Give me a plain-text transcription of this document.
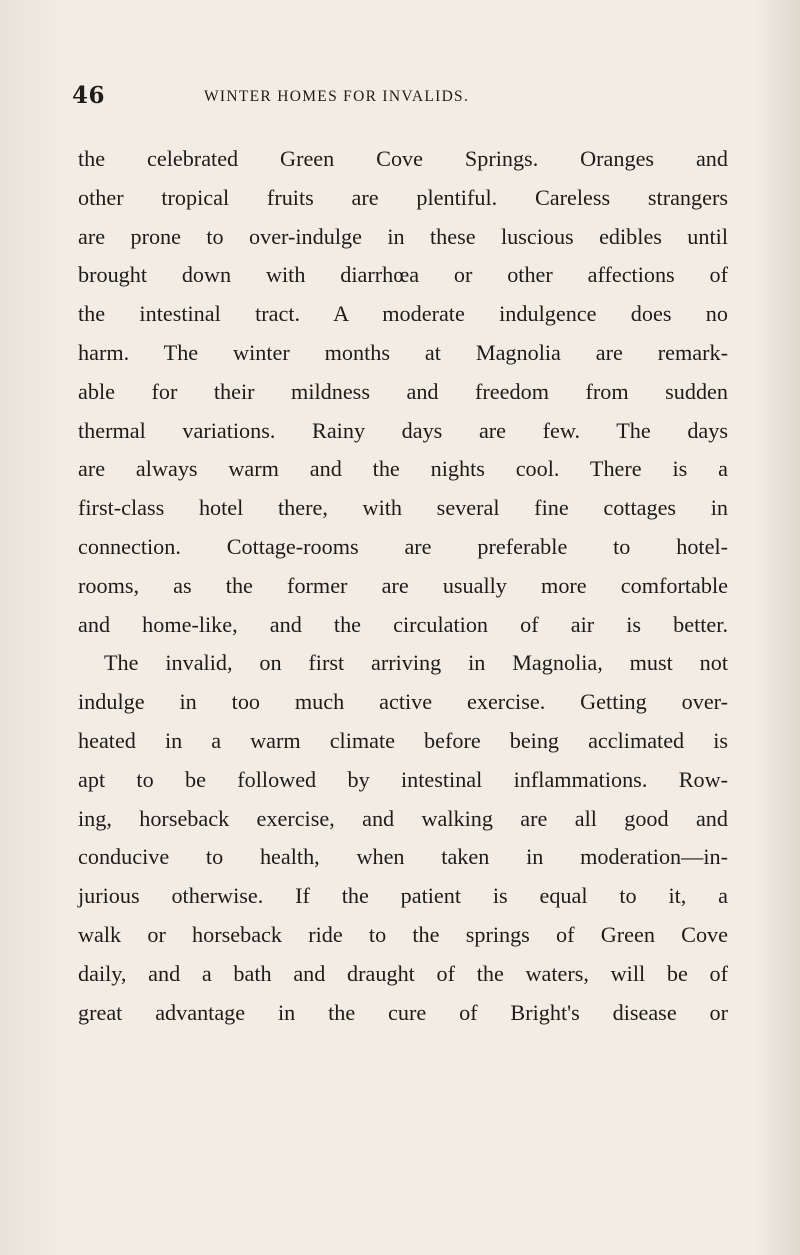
46	WINTER HOMES FOR INVALIDS.
the celebrated Green Cove Springs. Oranges and
other tropical fruits are plentiful. Careless strangers
are prone to over-indulge in these luscious edibles until
brought down with diarrhœa or other affections of
the intestinal tract. A moderate indulgence does no
harm. The winter months at Magnolia are remark-
able for their mildness and freedom from sudden
thermal variations. Rainy days are few. The days
are always warm and the nights cool. There is a
first-class hotel there, with several fine cottages in
connection. Cottage-rooms are preferable to hotel-
rooms, as the former are usually more comfortable
and home-like, and the circulation of air is better.
The invalid, on first arriving in Magnolia, must not
indulge in too much active exercise. Getting over-
heated in a warm climate before being acclimated is
apt to be followed by intestinal inflammations. Row-
ing, horseback exercise, and walking are all good and
conducive to health, when taken in moderation—in-
jurious otherwise. If the patient is equal to it, a
walk or horseback ride to the springs of Green Cove
daily, and a bath and draught of the waters, will be of
great advantage in the cure of Bright's disease or
